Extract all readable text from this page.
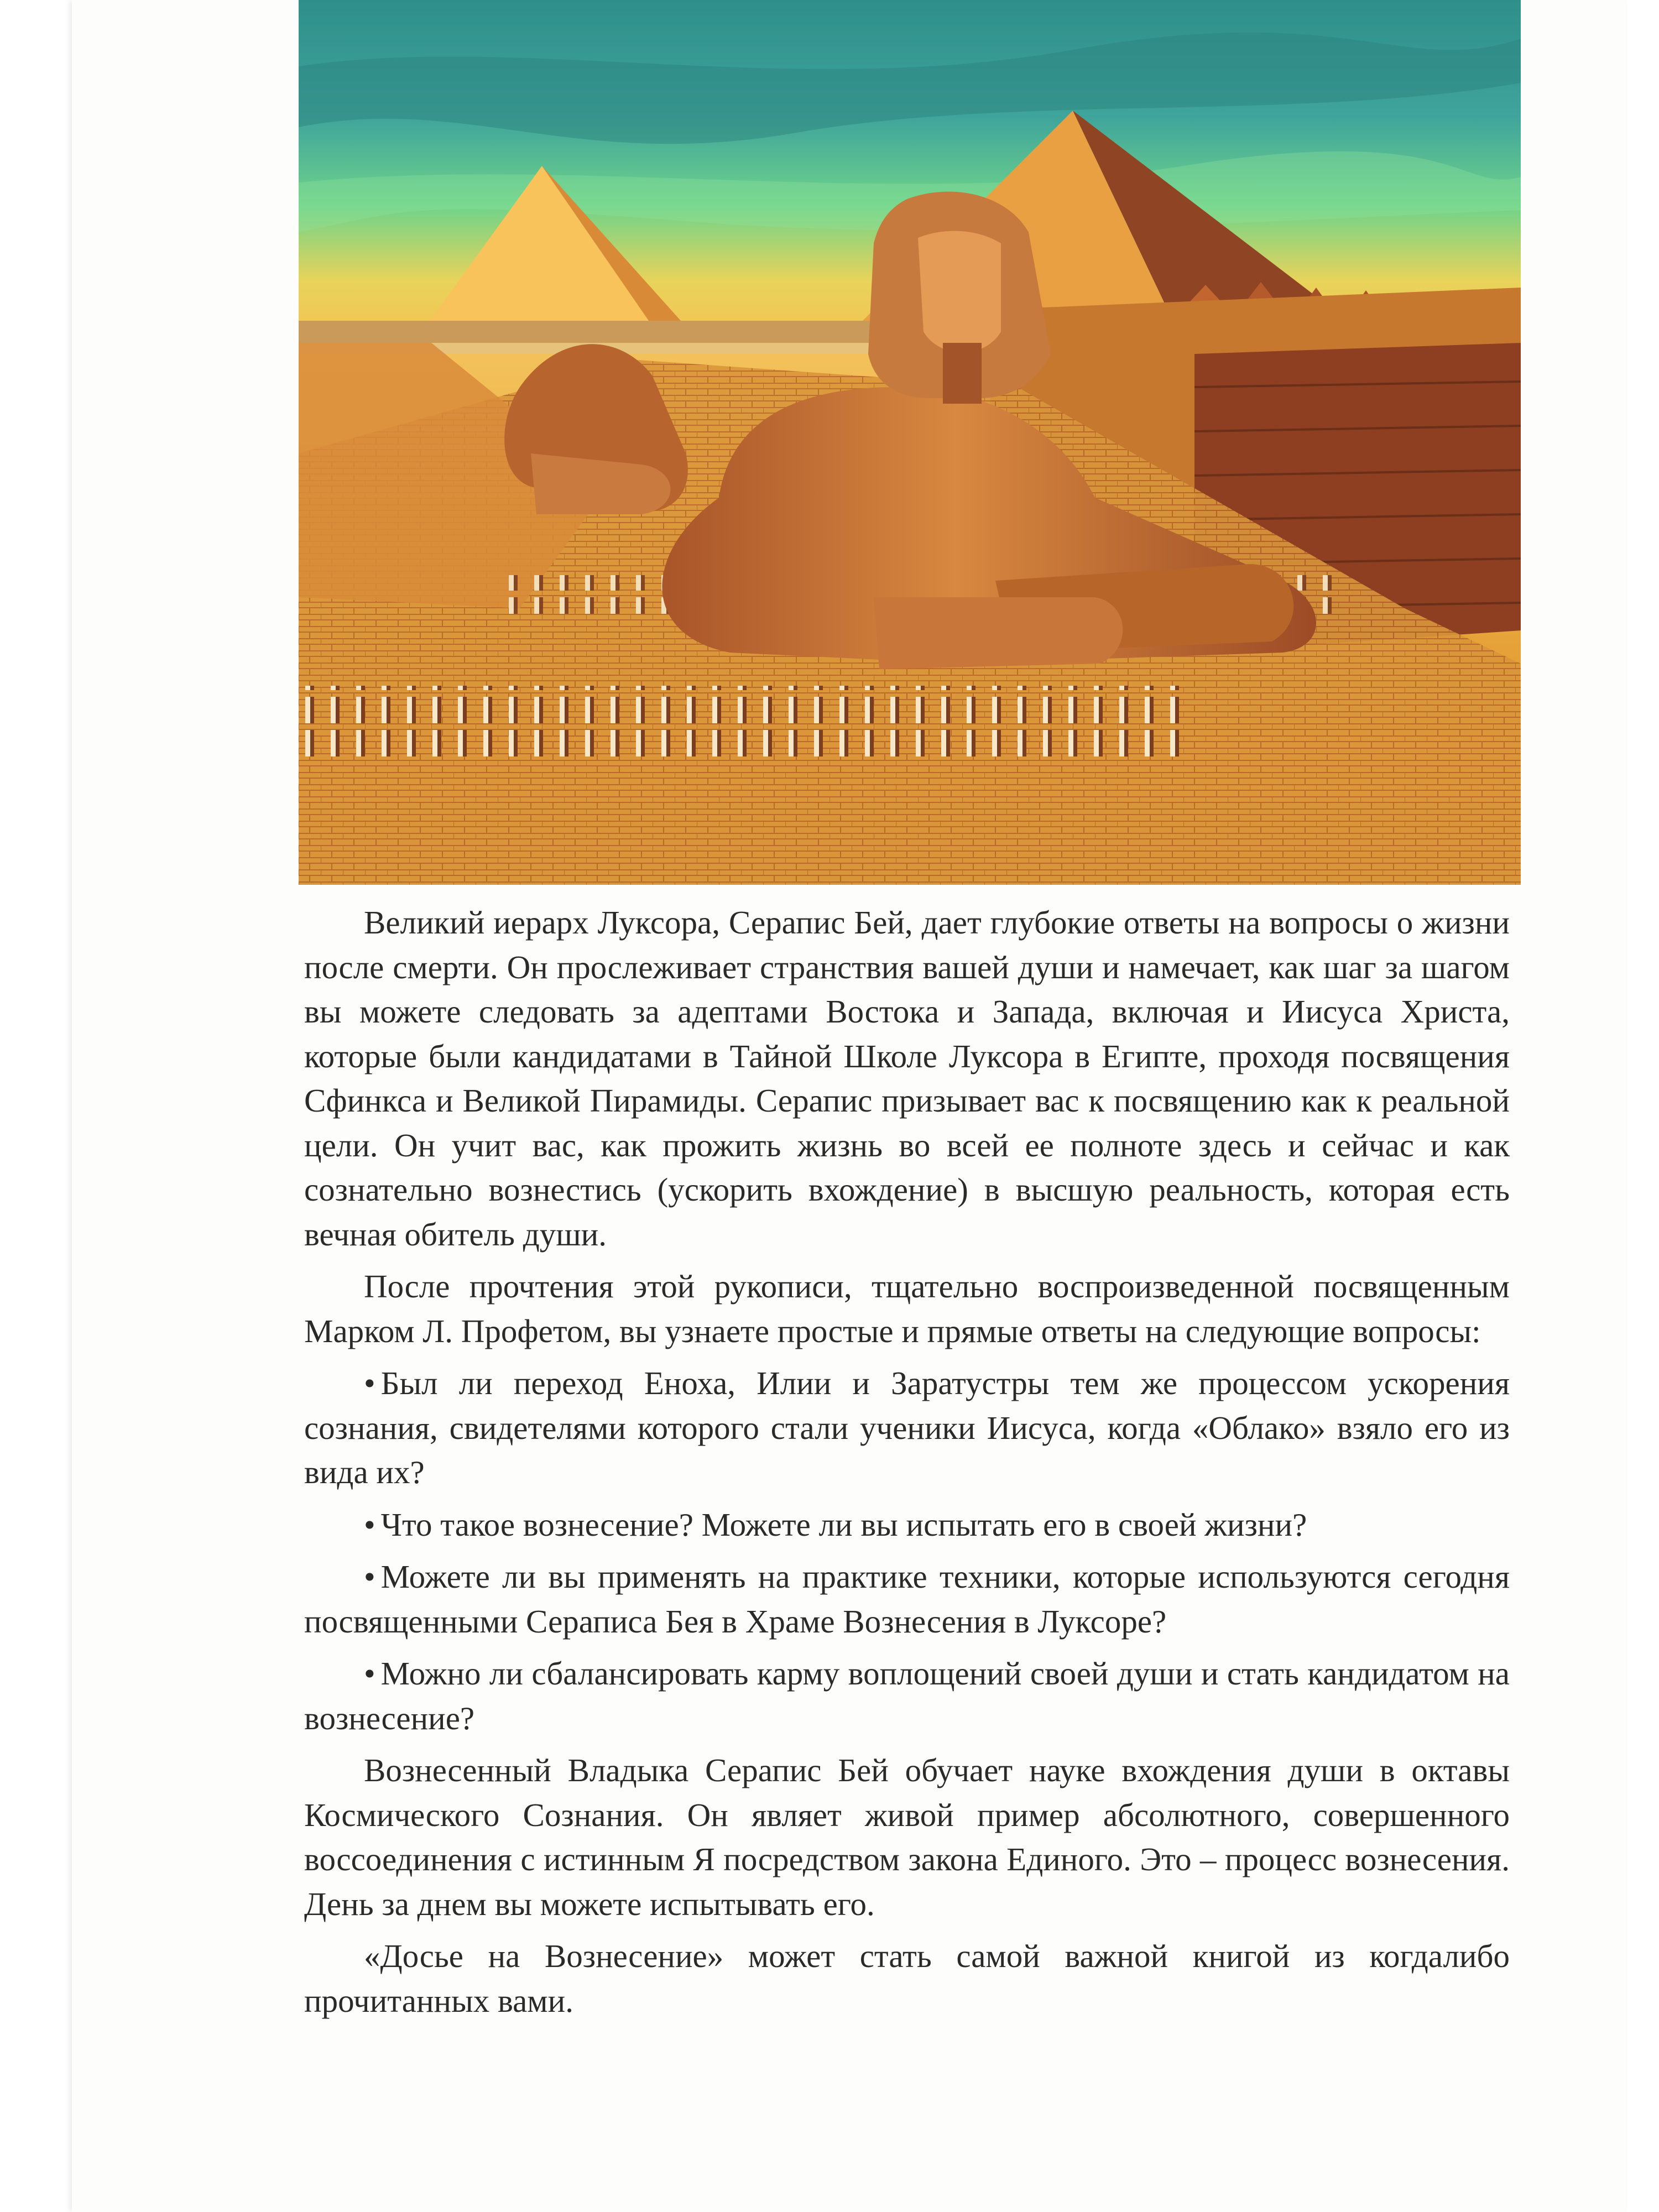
Великий иерарх Луксора, Серапис Бей, дает глубокие ответы на вопросы о жизни после смерти. Он прослеживает странствия вашей души и намечает, как шаг за шагом вы можете следовать за адептами Востока и Запада, включая и Иисуса Христа, которые были кандидатами в Тайной Школе Луксора в Египте, проходя посвящения Сфинкса и Великой Пирамиды. Серапис призывает вас к посвящению как к реальной цели. Он учит вас, как прожить жизнь во всей ее полноте здесь и сейчас и как сознательно вознестись (ускорить вхождение) в высшую реальность, которая есть вечная обитель души.

После прочтения этой рукописи, тщательно воспроизведенной посвященным Марком Л. Профетом, вы узнаете простые и прямые ответы на следующие вопросы:

• Был ли переход Еноха, Илии и Заратустры тем же процессом ускорения сознания, свидетелями которого стали ученики Иисуса, когда «Облако» взяло его из вида их?
• Что такое вознесение? Можете ли вы испытать его в своей жизни?
• Можете ли вы применять на практике техники, которые используются сегодня посвященными Сераписа Бея в Храме Вознесения в Луксоре?
• Можно ли сбалансировать карму воплощений своей души и стать кандидатом на вознесение?

Вознесенный Владыка Серапис Бей обучает науке вхождения души в октавы Космического Сознания. Он являет живой пример абсолютного, совершенного воссоединения с истинным Я посредством закона Единого. Это – процесс вознесения. День за днем вы можете испытывать его.

«Досье на Вознесение» может стать самой важной книгой из когдалибо прочитанных вами.
